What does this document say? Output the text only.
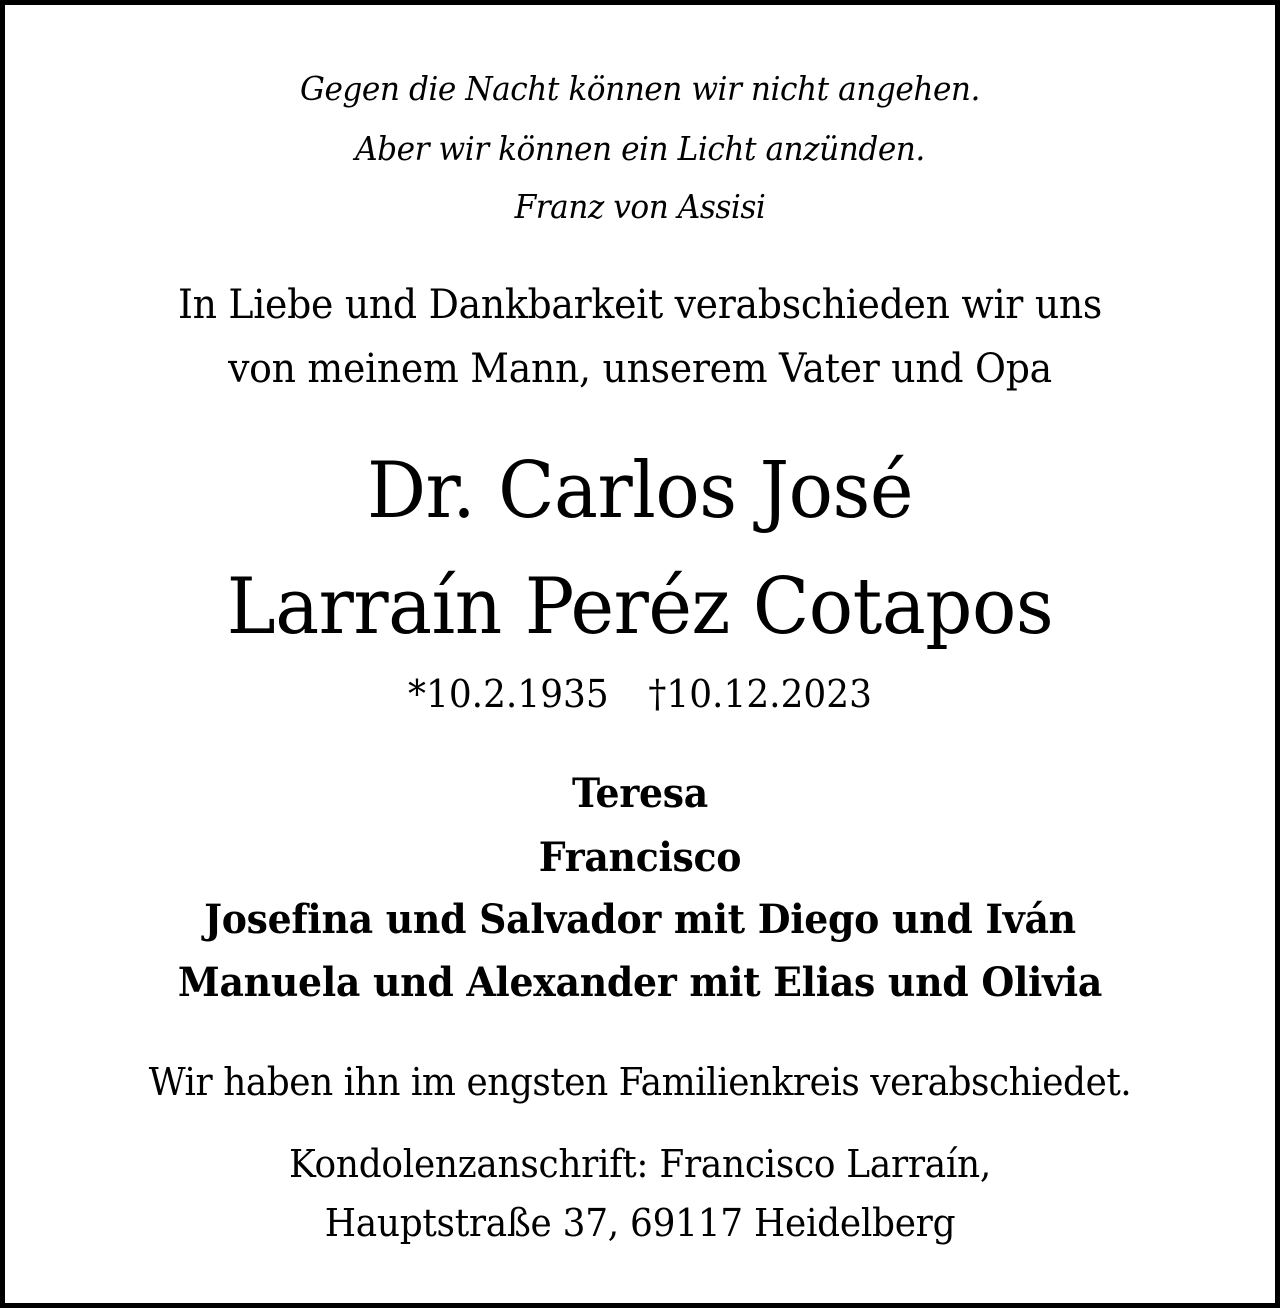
Gegen die Nacht können wir nicht angehen.
Aber wir können ein Licht anzünden.
Franz von Assisi
In Liebe und Dankbarkeit verabschieden wir uns
von meinem Mann, unserem Vater und Opa
Dr. Carlos José
Larraín Peréz Cotapos
*10.2.1935 †10.12.2023
Teresa
Francisco
Josefina und Salvador mit Diego und Iván
Manuela und Alexander mit Elias und Olivia
Wir haben ihn im engsten Familienkreis verabschiedet.
Kondolenzanschrift: Francisco Larraín,
Hauptstraße 37, 69117 Heidelberg
